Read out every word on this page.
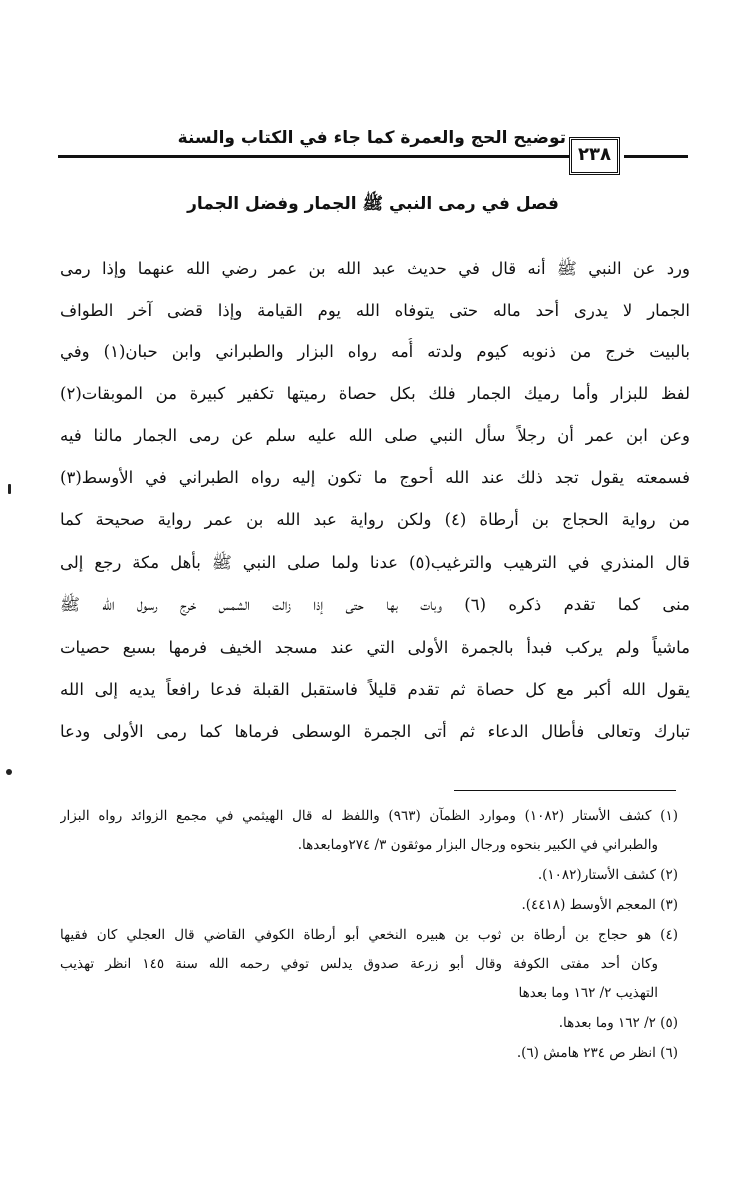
توضيح الحج والعمرة كما جاء في الكتاب والسنة
٢٣٨
فصل في رمى النبي ﷺ الجمار وفضل الجمار
ورد عن النبي ﷺ أنه قال في حديث عبد الله بن عمر رضي الله عنهما وإذا رمى
الجمار لا يدرى أحد ماله حتى يتوفاه الله يوم القيامة وإذا قضى آخر الطواف
بالبيت خرج من ذنوبه كيوم ولدته أُمه رواه البزار والطبراني وابن حبان(١) وفي
لفظ للبزار وأما رميك الجمار فلك بكل حصاة رميتها تكفير كبيرة من الموبقات(٢)
وعن ابن عمر أن رجلاً سأل النبي صلى الله عليه سلم عن رمى الجمار مالنا فيه
فسمعته يقول تجد ذلك عند الله أحوج ما تكون إليه رواه الطبراني في الأوسط(٣)
من رواية الحجاج بن أرطاة (٤) ولكن رواية عبد الله بن عمر رواية صحيحة كما
قال المنذري في الترهيب والترغيب(٥) عدنا ولما صلى النبي ﷺ بأهل مكة رجع إلى
منى كما تقدم ذكره (٦) وبات بها حتى إذا زالت الشمس خرج رسول الله ﷺ
ماشياً ولم يركب فبدأ بالجمرة الأولى التي عند مسجد الخيف فرمها بسبع حصيات
يقول الله أكبر مع كل حصاة ثم تقدم قليلاً فاستقبل القبلة فدعا رافعاً يديه إلى الله
تبارك وتعالى فأطال الدعاء ثم أتى الجمرة الوسطى فرماها كما رمى الأولى ودعا
(١) كشف الأستار (١٠٨٢) وموارد الظمآن (٩٦٣) واللفظ له قال الهيثمي في مجمع الزوائد رواه البزار
والطبراني في الكبير بنحوه ورجال البزار موثقون ٣/ ٢٧٤ومابعدها.
(٢) كشف الأستار(١٠٨٢).
(٣) المعجم الأوسط (٤٤١٨).
(٤) هو حجاج بن أرطاة بن ثوب بن هبيره النخعي أبو أرطاة الكوفي القاضي قال العجلي كان فقيها
وكان أحد مفتى الكوفة وقال أبو زرعة صدوق يدلس توفي رحمه الله سنة ١٤٥ انظر تهذيب
التهذيب ٢/ ١٦٢ وما بعدها
(٥) ٢/ ١٦٢ وما بعدها.
(٦) انظر ص ٢٣٤ هامش (٦).
